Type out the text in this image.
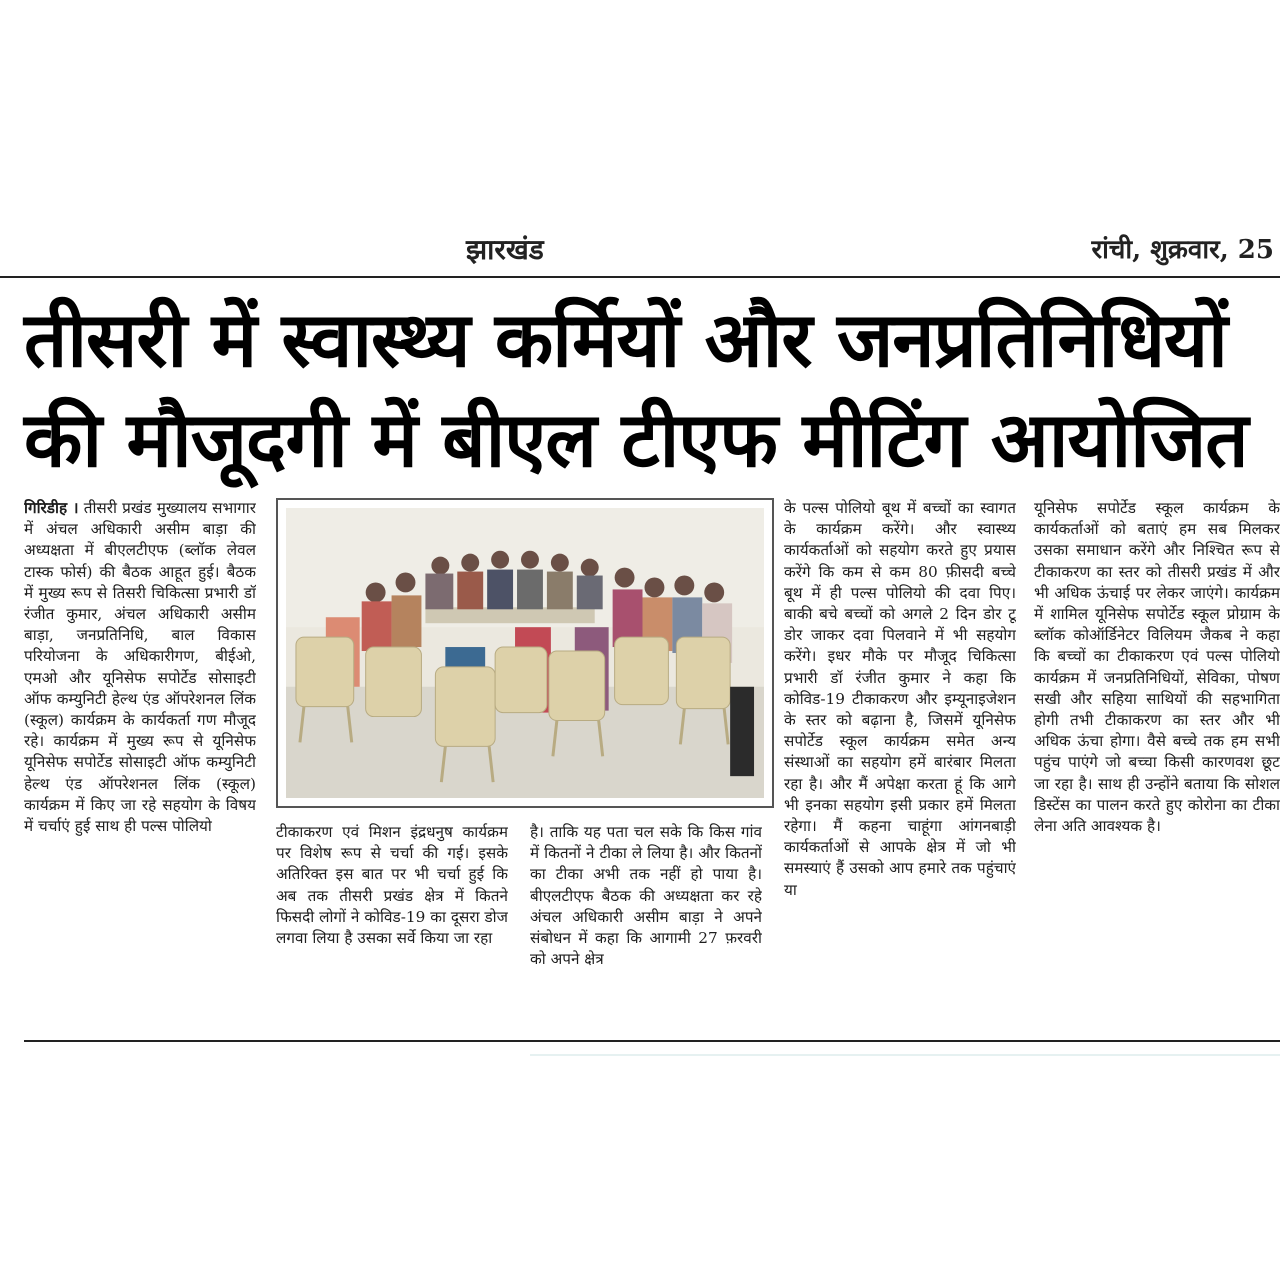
झारखंड	रांची, शुक्रवार, 25
तीसरी में स्वास्थ्य कर्मियों और जनप्रतिनिधियों
की मौजूदगी में बीएल टीएफ मीटिंग आयोजित

गिरिडीह । तीसरी प्रखंड मुख्यालय सभागार में अंचल अधिकारी असीम बाड़ा की अध्यक्षता में बीएलटीएफ (ब्लॉक लेवल टास्क फोर्स) की बैठक आहूत हुई। बैठक में मुख्य रूप से तिसरी चिकित्सा प्रभारी डॉ रंजीत कुमार, अंचल अधिकारी असीम बाड़ा, जनप्रतिनिधि, बाल विकास परियोजना के अधिकारीगण, बीईओ, एमओ और यूनिसेफ सपोर्टेड सोसाइटी ऑफ कम्युनिटी हेल्थ एंड ऑपरेशनल लिंक (स्कूल) कार्यक्रम के कार्यकर्ता गण मौजूद रहे। कार्यक्रम में मुख्य रूप से यूनिसेफ यूनिसेफ सपोर्टेड सोसाइटी ऑफ कम्युनिटी हेल्थ एंड ऑपरेशनल लिंक (स्कूल) कार्यक्रम में किए जा रहे सहयोग के विषय में चर्चाएं हुई साथ ही पल्स पोलियो	टीकाकरण एवं मिशन इंद्रधनुष कार्यक्रम पर विशेष रूप से चर्चा की गई। इसके अतिरिक्त इस बात पर भी चर्चा हुई कि अब तक तीसरी प्रखंड क्षेत्र में कितने फिसदी लोगों ने कोविड-19 का दूसरा डोज लगवा लिया है उसका सर्वे किया जा रहा

है। ताकि यह पता चल सके कि किस गांव में कितनों ने टीका ले लिया है। और कितनों का टीका अभी तक नहीं हो पाया है। बीएलटीएफ बैठक की अध्यक्षता कर रहे अंचल अधिकारी असीम बाड़ा ने अपने संबोधन में कहा कि आगामी 27 फ़रवरी को अपने क्षेत्र

के पल्स पोलियो बूथ में बच्चों का स्वागत के कार्यक्रम करेंगे। और स्वास्थ्य कार्यकर्ताओं को सहयोग करते हुए प्रयास करेंगे कि कम से कम 80 फ़ीसदी बच्चे बूथ में ही पल्स पोलियो की दवा पिए। बाकी बचे बच्चों को अगले 2 दिन डोर टू डोर जाकर दवा पिलवाने में भी सहयोग करेंगे। इधर मौके पर मौजूद चिकित्सा प्रभारी डॉ रंजीत कुमार ने कहा कि कोविड-19 टीकाकरण और इम्यूनाइजेशन के स्तर को बढ़ाना है, जिसमें यूनिसेफ सपोर्टेड स्कूल कार्यक्रम समेत अन्य संस्थाओं का सहयोग हमें बारंबार मिलता रहा है। और मैं अपेक्षा करता हूं कि आगे भी इनका सहयोग इसी प्रकार हमें मिलता रहेगा। मैं कहना चाहूंगा आंगनबाड़ी कार्यकर्ताओं से आपके क्षेत्र में जो भी समस्याएं हैं उसको आप हमारे तक पहुंचाएं या

यूनिसेफ सपोर्टेड स्कूल कार्यक्रम के कार्यकर्ताओं को बताएं हम सब मिलकर उसका समाधान करेंगे और निश्चित रूप से टीकाकरण का स्तर को तीसरी प्रखंड में और भी अधिक ऊंचाई पर लेकर जाएंगे। कार्यक्रम में शामिल यूनिसेफ सपोर्टेड स्कूल प्रोग्राम के ब्लॉक कोऑर्डिनेटर विलियम जैकब ने कहा कि बच्चों का टीकाकरण एवं पल्स पोलियो कार्यक्रम में जनप्रतिनिधियों, सेविका, पोषण सखी और सहिया साथियों की सहभागिता होगी तभी टीकाकरण का स्तर और भी अधिक ऊंचा होगा। वैसे बच्चे तक हम सभी पहुंच पाएंगे जो बच्चा किसी कारणवश छूट जा रहा है। साथ ही उन्होंने बताया कि सोशल डिस्टेंस का पालन करते हुए कोरोना का टीका लेना अति आवश्यक है।
